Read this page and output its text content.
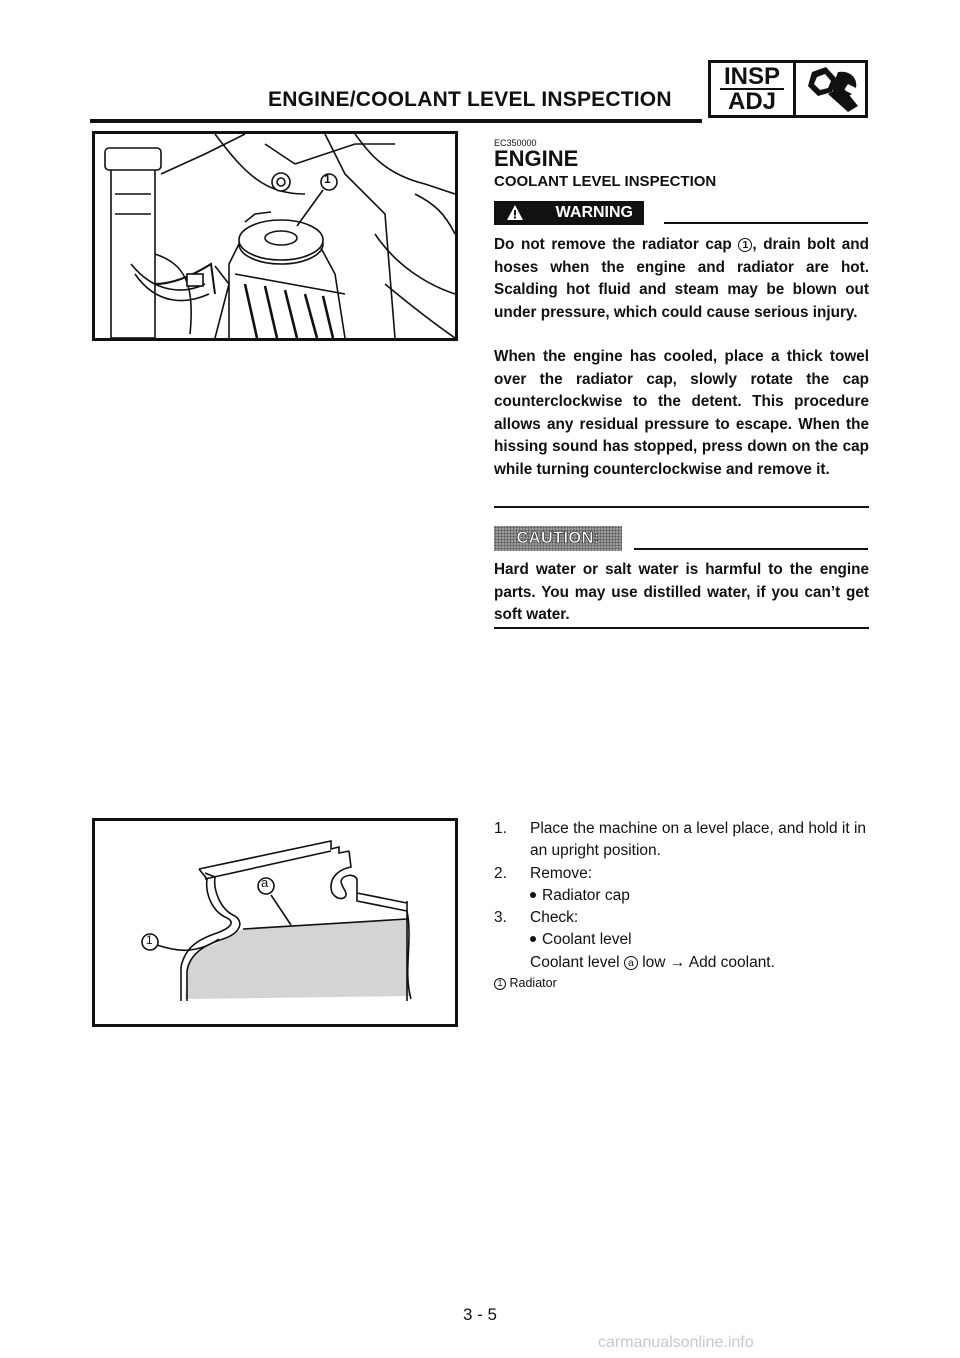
ENGINE/COOLANT LEVEL INSPECTION
INSP
ADJ
1
EC350000
ENGINE
COOLANT LEVEL INSPECTION
WARNING
Do not remove the radiator cap 1 , drain bolt and hoses when the engine and radiator are hot. Scalding hot fluid and steam may be blown out under pressure, which could cause serious injury.
When the engine has cooled, place a thick towel over the radiator cap, slowly rotate the cap counterclockwise to the detent. This procedure allows any residual pressure to escape. When the hissing sound has stopped, press down on the cap while turning counterclockwise and remove it.
CAUTION:
Hard water or salt water is harmful to the engine parts. You may use distilled water, if you can’t get soft water.
a
1
1. Place the machine on a level place, and hold it in an upright position.
2. Remove:
Radiator cap
3. Check:
Coolant level
Coolant level a low → Add coolant.
1 Radiator
3 - 5
carmanualsonline.info
